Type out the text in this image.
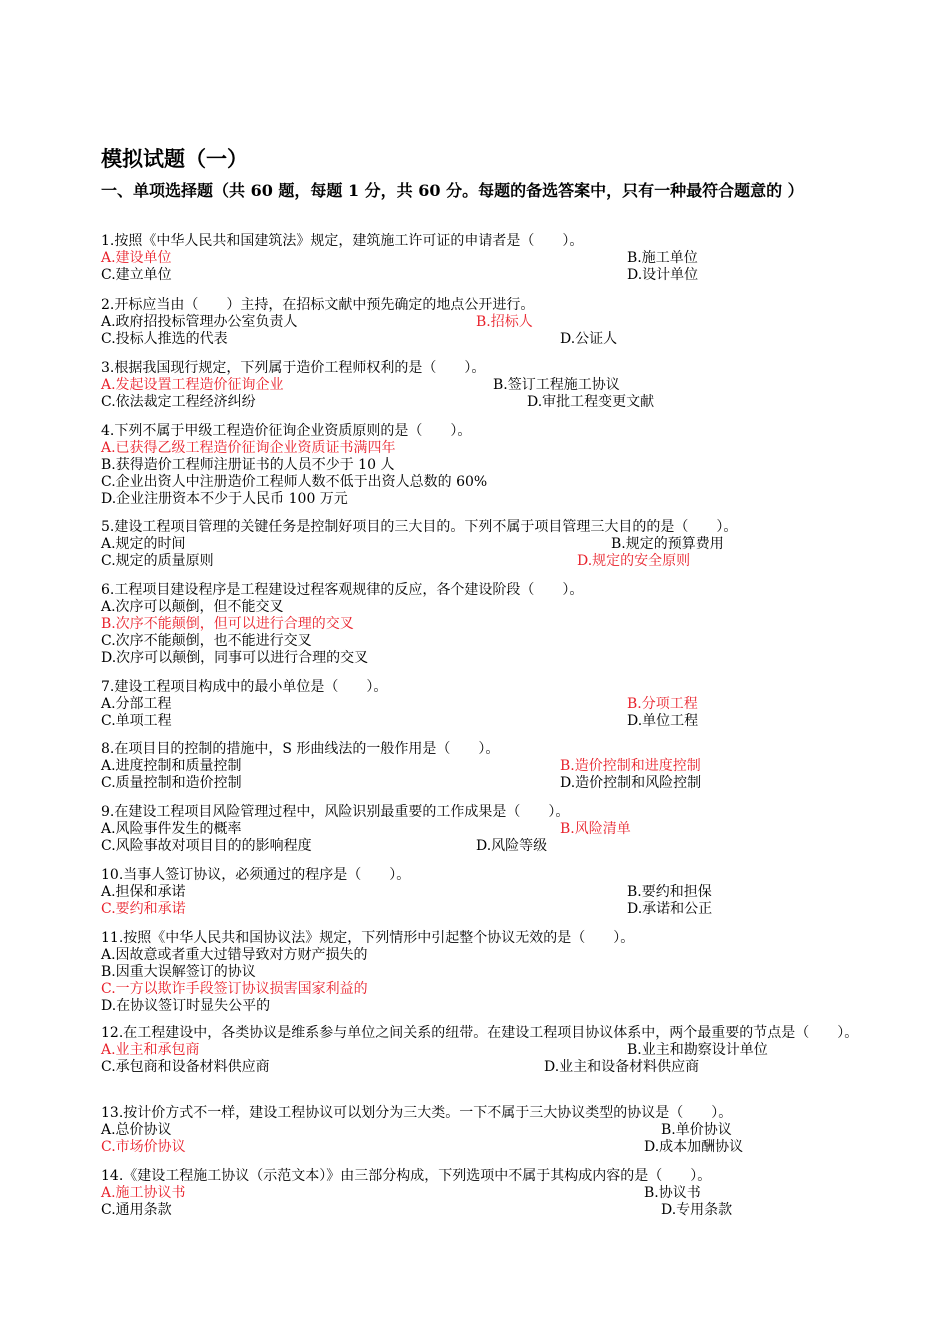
模拟试题（一）
一、单项选择题（共 60 题，每题 1 分，共 60 分。每题的备选答案中，只有一种最符合题意的 ）
1.按照《中华人民共和国建筑法》规定，建筑施工许可证的申请者是（　　）。
A.建设单位	B.施工单位
C.建立单位	D.设计单位
2.开标应当由（　　）主持，在招标文献中预先确定的地点公开进行。
A.政府招投标管理办公室负责人	B.招标人
C.投标人推选的代表	D.公证人
3.根据我国现行规定，下列属于造价工程师权利的是（　　）。
A.发起设置工程造价征询企业	B.签订工程施工协议
C.依法裁定工程经济纠纷	D.审批工程变更文献
4.下列不属于甲级工程造价征询企业资质原则的是（　　）。
A.已获得乙级工程造价征询企业资质证书满四年
B.获得造价工程师注册证书的人员不少于 10 人
C.企业出资人中注册造价工程师人数不低于出资人总数的 60%
D.企业注册资本不少于人民币 100 万元
5.建设工程项目管理的关键任务是控制好项目的三大目的。下列不属于项目管理三大目的的是（　　）。
A.规定的时间	B.规定的预算费用
C.规定的质量原则	D.规定的安全原则
6.工程项目建设程序是工程建设过程客观规律的反应，各个建设阶段（　　）。
A.次序可以颠倒，但不能交叉
B.次序不能颠倒，但可以进行合理的交叉
C.次序不能颠倒，也不能进行交叉
D.次序可以颠倒，同事可以进行合理的交叉
7.建设工程项目构成中的最小单位是（　　）。
A.分部工程	B.分项工程
C.单项工程	D.单位工程
8.在项目目的控制的措施中，S 形曲线法的一般作用是（　　）。
A.进度控制和质量控制	B.造价控制和进度控制
C.质量控制和造价控制	D.造价控制和风险控制
9.在建设工程项目风险管理过程中，风险识别最重要的工作成果是（　　）。
A.风险事件发生的概率	B.风险清单
C.风险事故对项目目的的影响程度	D.风险等级
10.当事人签订协议，必须通过的程序是（　　）。
A.担保和承诺	B.要约和担保
C.要约和承诺	D.承诺和公正
11.按照《中华人民共和国协议法》规定，下列情形中引起整个协议无效的是（　　）。
A.因故意或者重大过错导致对方财产损失的
B.因重大误解签订的协议
C.一方以欺诈手段签订协议损害国家利益的
D.在协议签订时显失公平的
12.在工程建设中，各类协议是维系参与单位之间关系的纽带。在建设工程项目协议体系中，两个最重要的节点是（　　）。
A.业主和承包商	B.业主和勘察设计单位
C.承包商和设备材料供应商	D.业主和设备材料供应商
13.按计价方式不一样，建设工程协议可以划分为三大类。一下不属于三大协议类型的协议是（　　）。
A.总价协议	B.单价协议
C.市场价协议	D.成本加酬协议
14.《建设工程施工协议（示范文本）》由三部分构成，下列选项中不属于其构成内容的是（　　）。
A.施工协议书	B.协议书
C.通用条款	D.专用条款
